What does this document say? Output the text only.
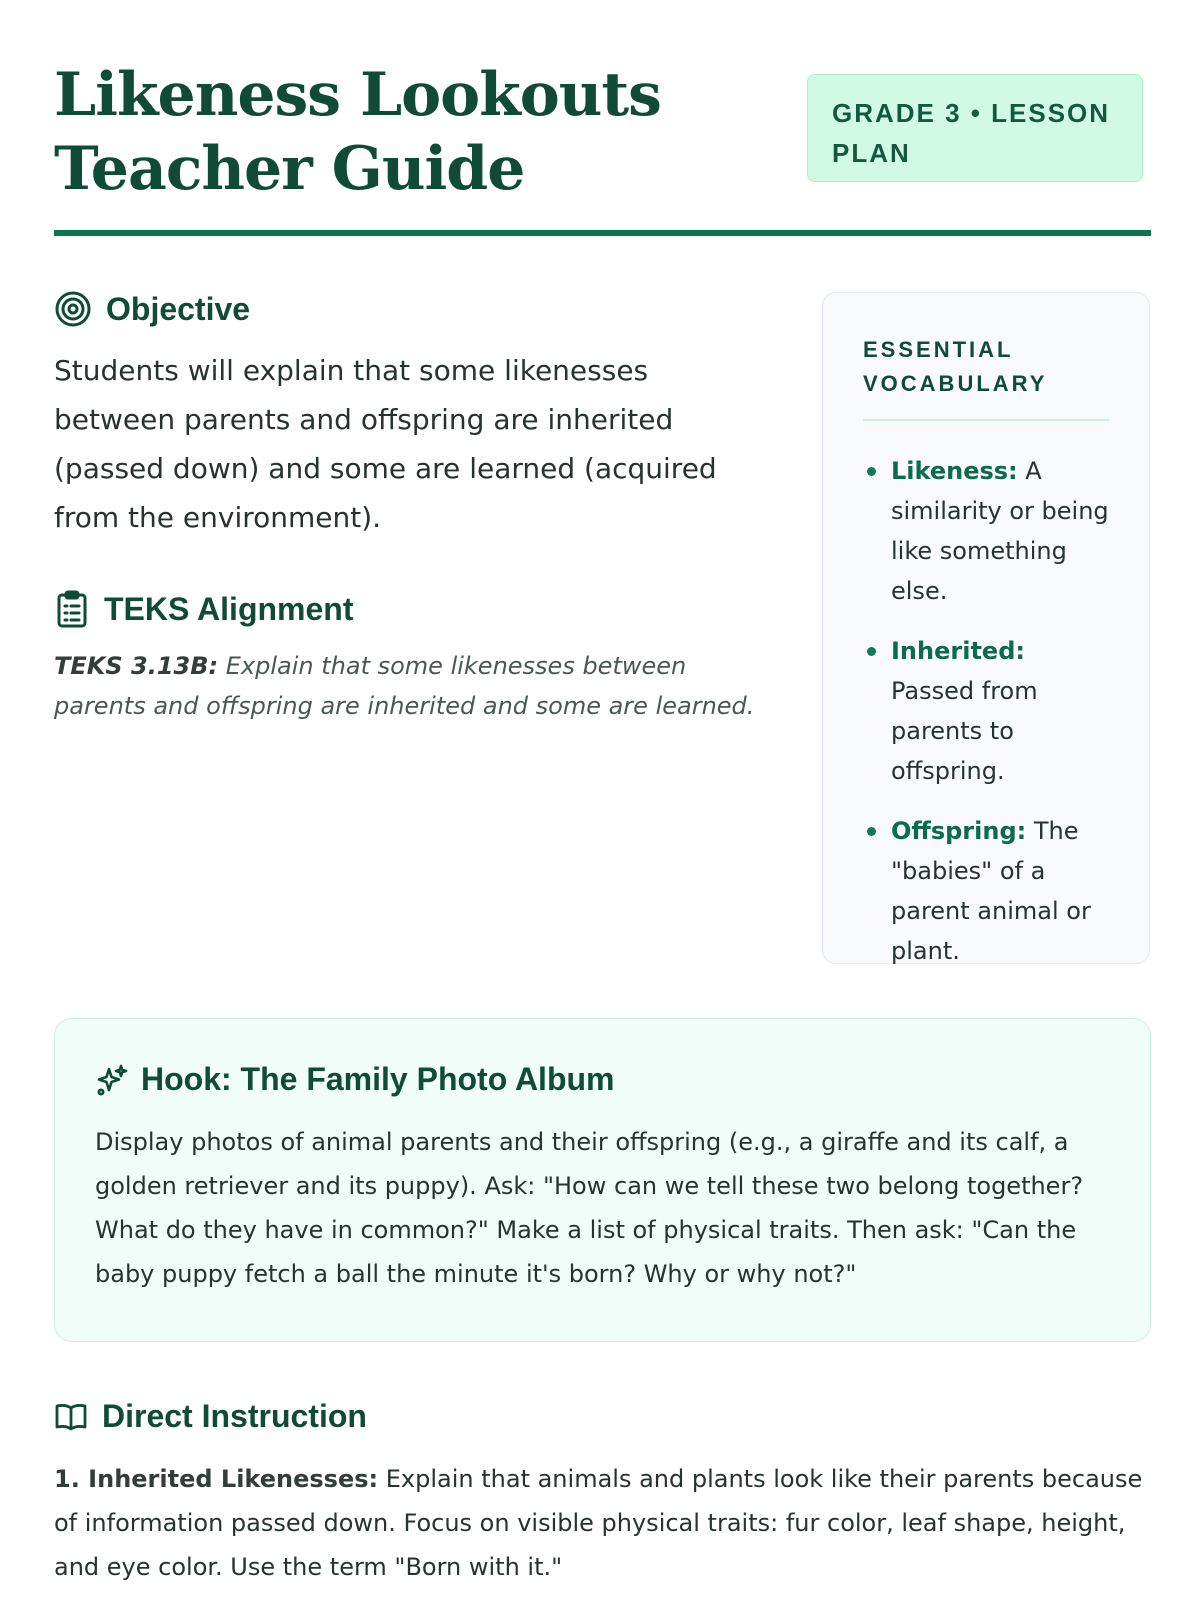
Likeness Lookouts Teacher Guide
GRADE 3 • LESSON PLAN
Objective

Students will explain that some likenesses between parents and offspring are inherited (passed down) and some are learned (acquired from the environment).

TEKS Alignment

TEKS 3.13B: Explain that some likenesses between parents and offspring are inherited and some are learned.

ESSENTIAL VOCABULARY
Likeness: A similarity or being like something else.
Inherited: Passed from parents to offspring.
Offspring: The "babies" of a parent animal or plant.
Hook: The Family Photo Album

Display photos of animal parents and their offspring (e.g., a giraffe and its calf, a golden retriever and its puppy). Ask: "How can we tell these two belong together? What do they have in common?" Make a list of physical traits. Then ask: "Can the baby puppy fetch a ball the minute it's born? Why or why not?"

Direct Instruction

1. Inherited Likenesses: Explain that animals and plants look like their parents because of information passed down. Focus on visible physical traits: fur color, leaf shape, height, and eye color. Use the term "Born with it."
